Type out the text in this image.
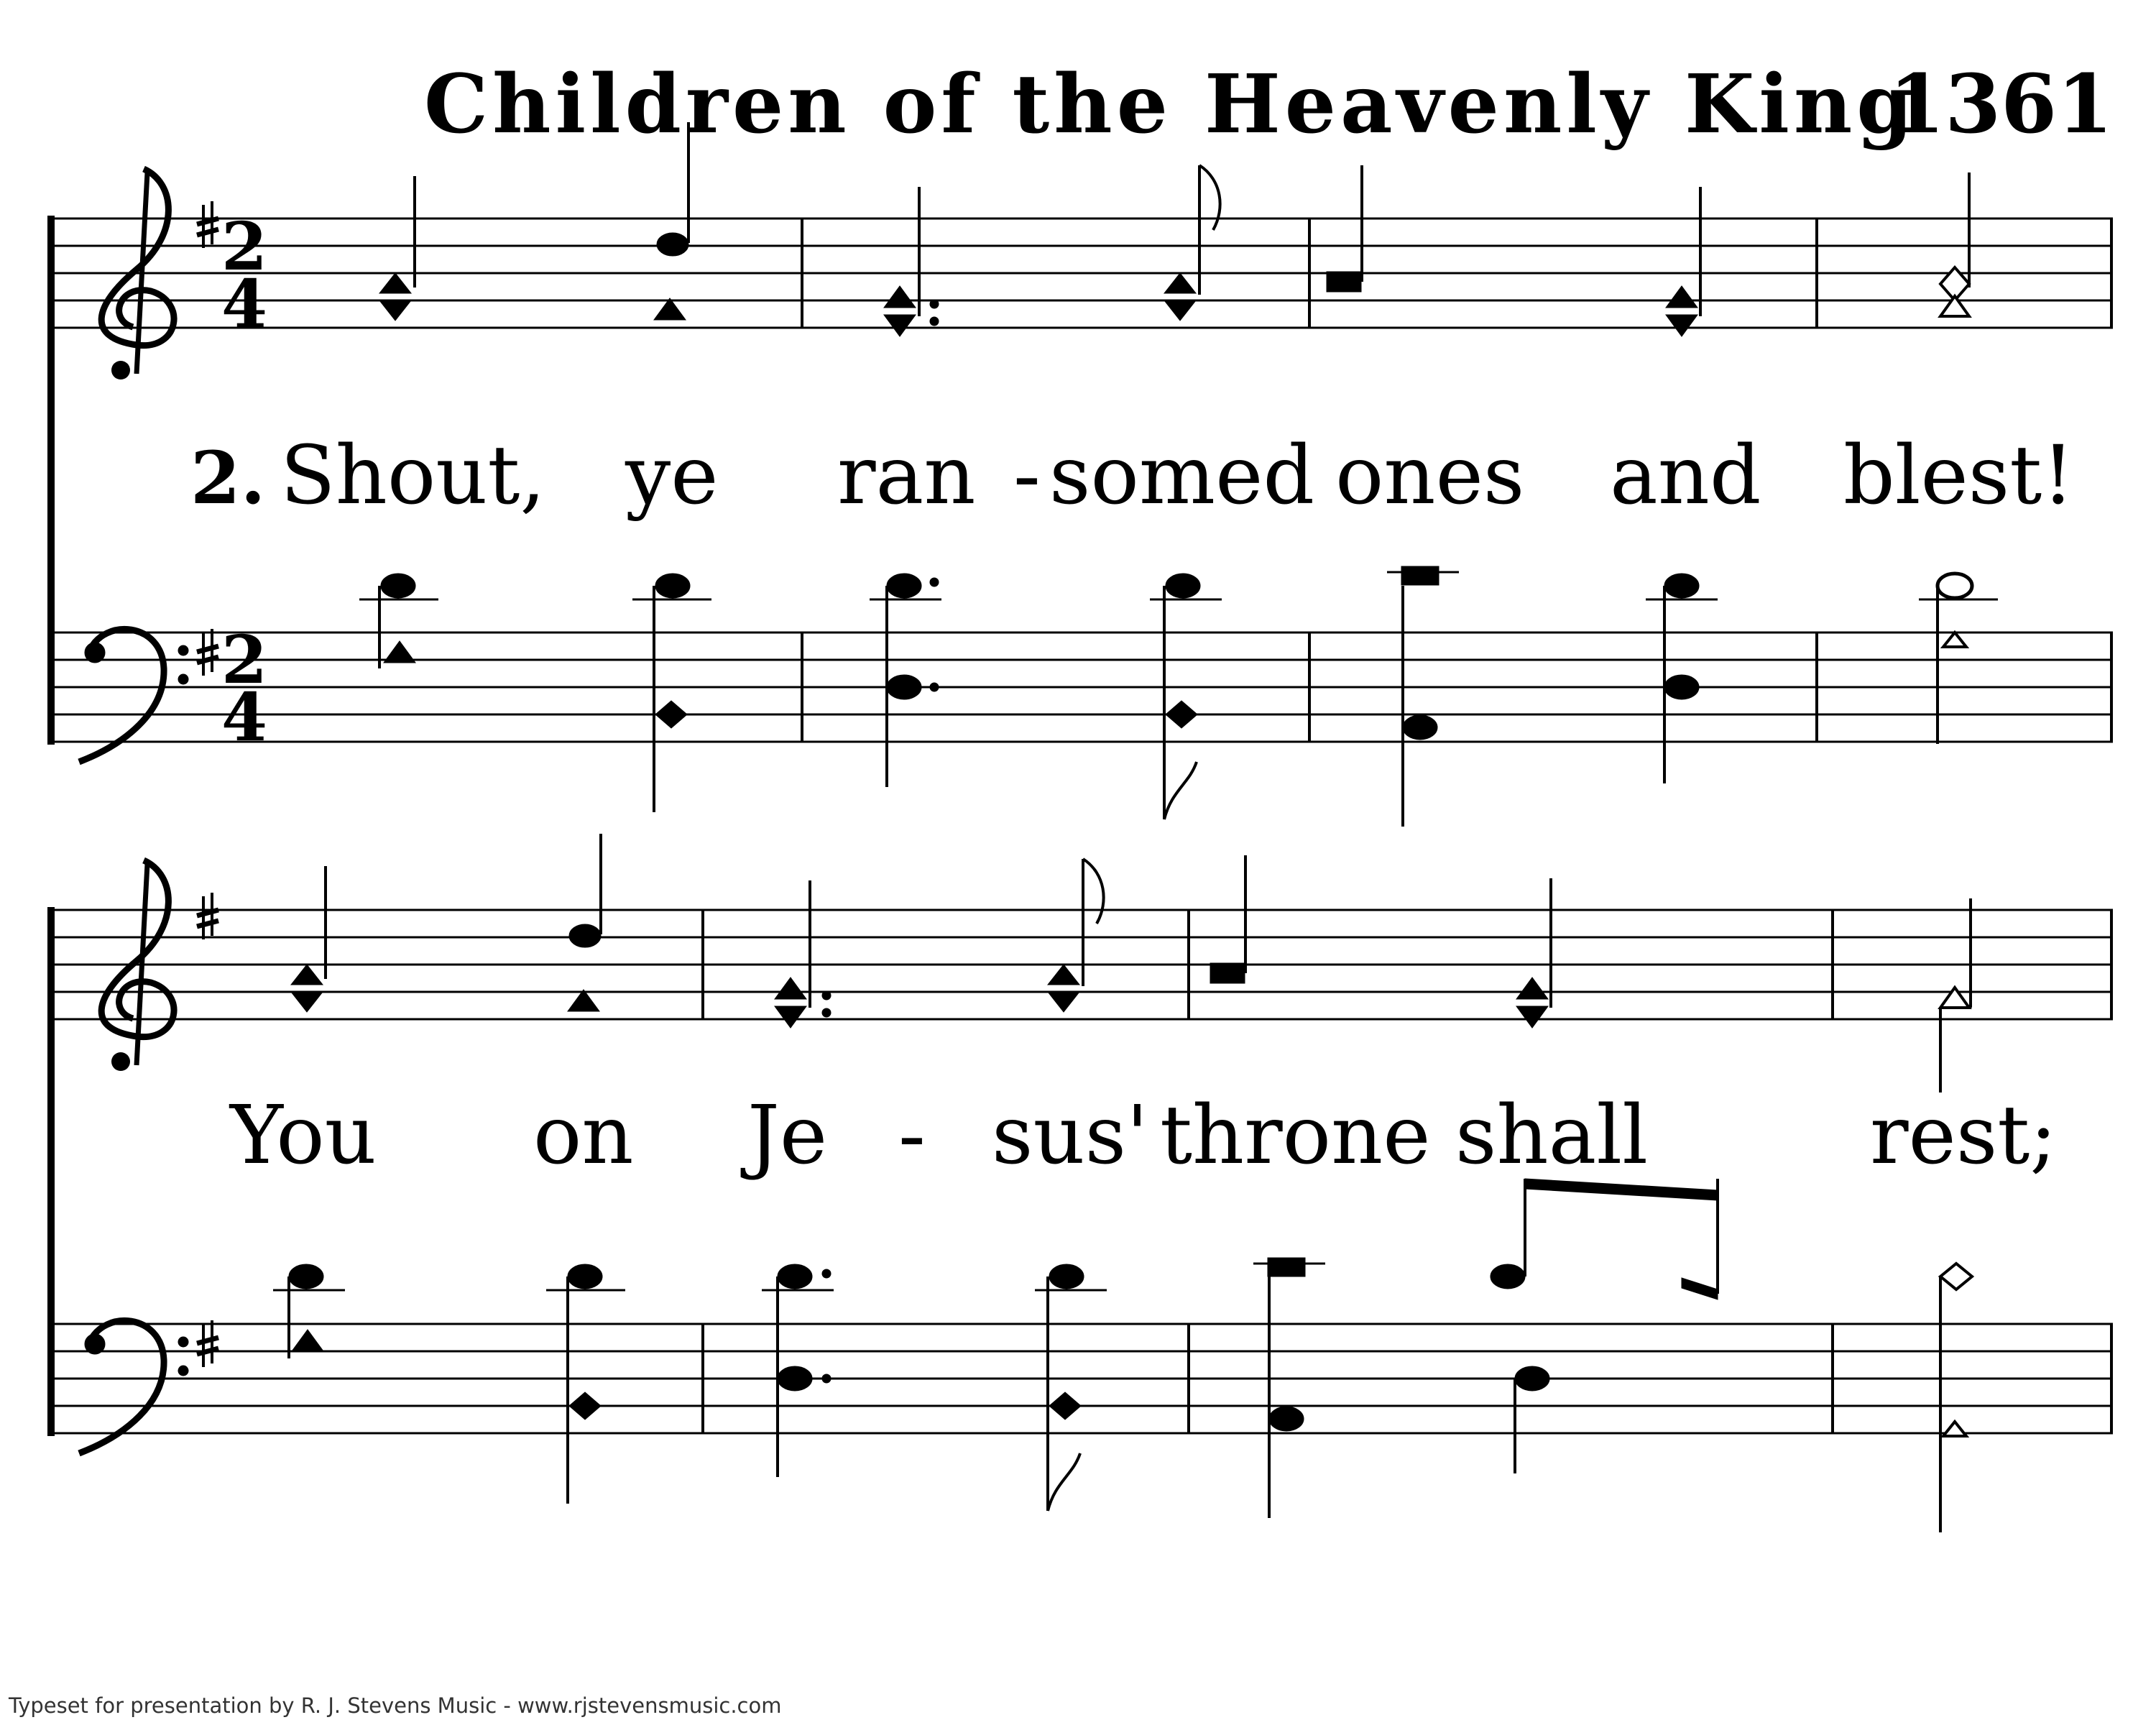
2
4
2. Shout, ye ran - somed ones and blest!
2
4
You on Je - sus' throne shall	rest;
Children of the Heavenly King
1361
Typeset for presentation by R. J. Stevens Music - www.rjstevensmusic.com
